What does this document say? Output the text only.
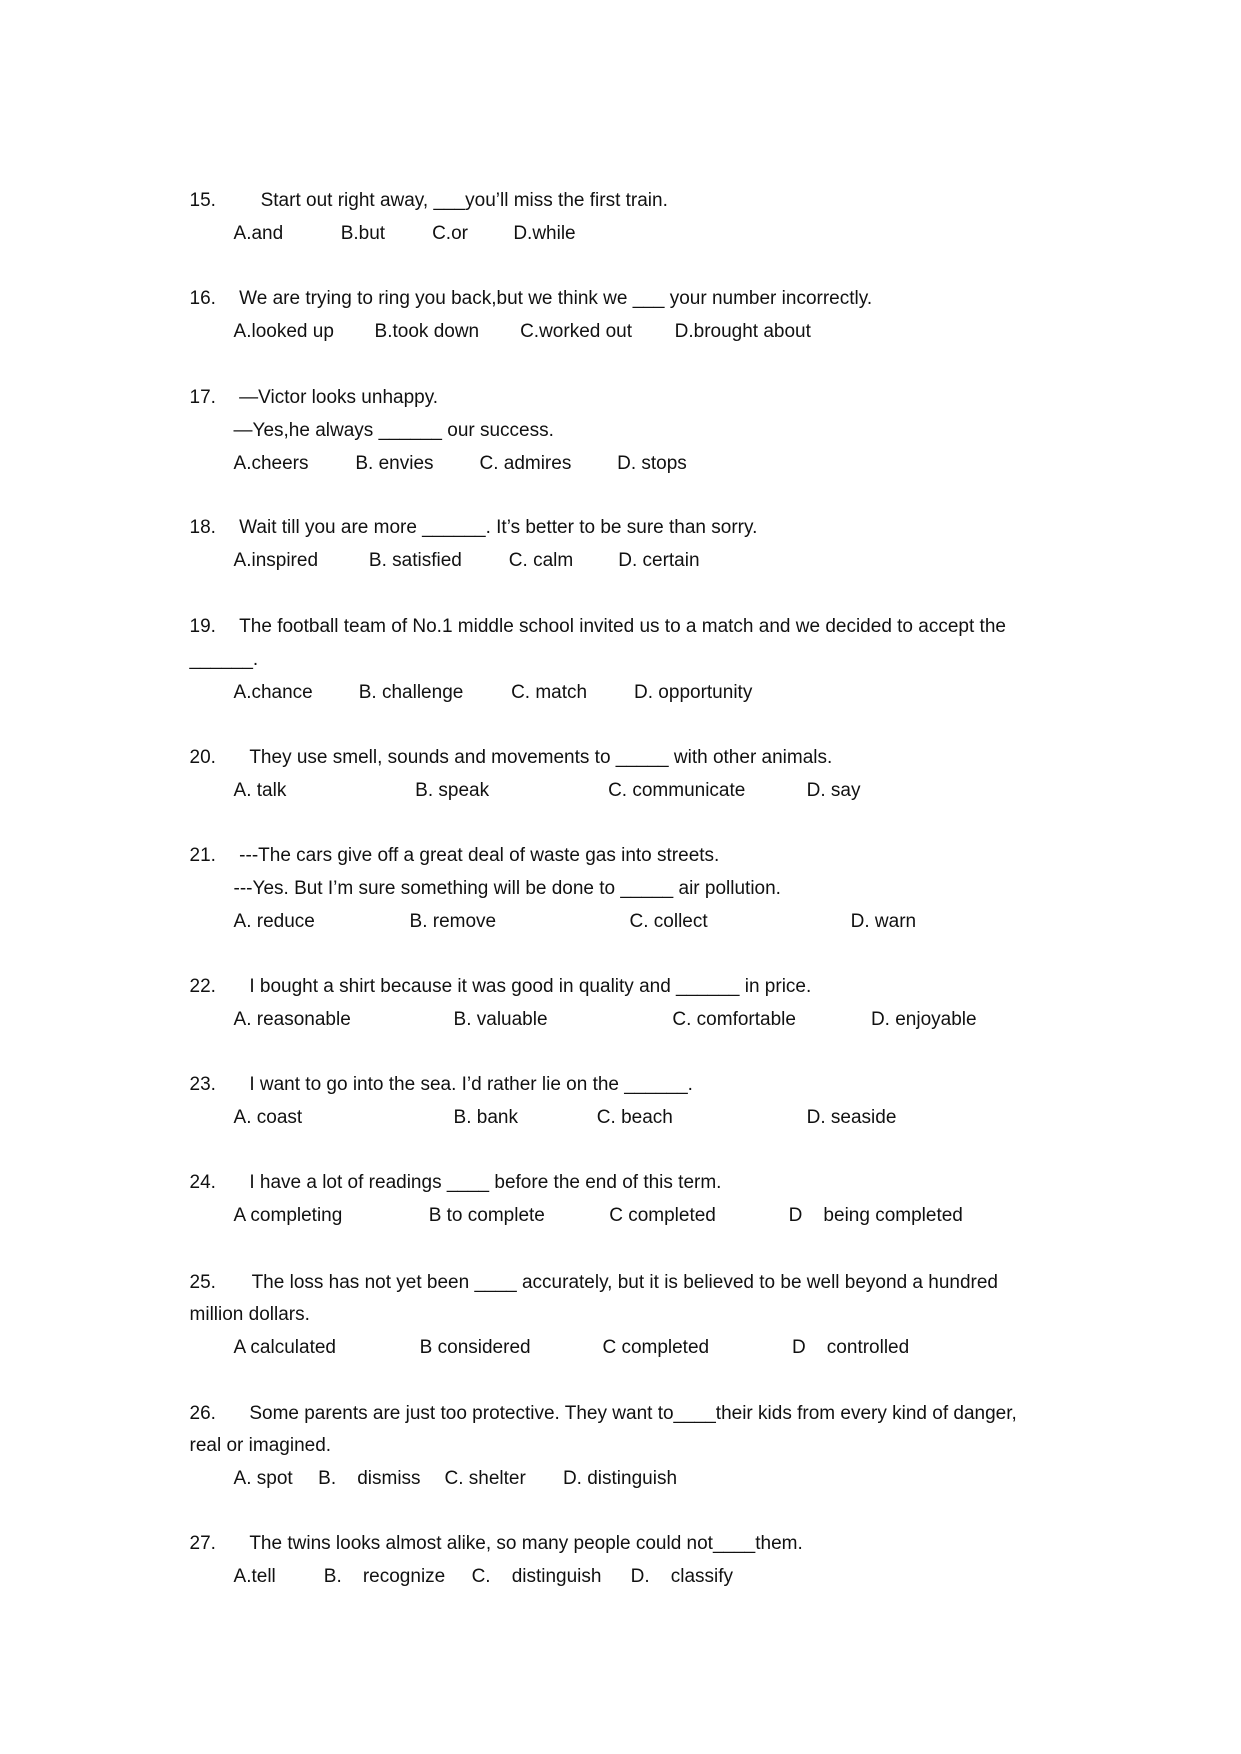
15. Start out right away, ___you’ll miss the first train.
A.and	B.but C.or D.while
16. We are trying to ring you back,but we think we ___ your number incorrectly.
A.looked up B.took down C.worked out D.brought about
17. —Victor looks unhappy.
—Yes,he always ______ our success.
A.cheers B. envies C. admires D. stops
18. Wait till you are more ______. It’s better to be sure than sorry.
A.inspired	B. satisfied C. calm D. certain
19. The football team of No.1 middle school invited us to a match and we decided to accept the
______.
A.chance B. challenge	C. match D. opportunity
20. They use smell, sounds and movements to _____ with other animals.
A. talk	B. speak	C. communicate	D. say
21. ---The cars give off a great deal of waste gas into streets.
---Yes. But I’m sure something will be done to _____ air pollution.
A. reduce	B. remove	C. collect	D. warn
22. I bought a shirt because it was good in quality and ______ in price.
A. reasonable	B. valuable	C. comfortable	D. enjoyable
23. I want to go into the sea. I’d rather lie on the ______.
A. coast	B. bank	C. beach	D. seaside
24. I have a lot of readings ____ before the end of this term.
A completing	B to complete	C completed	D    being completed
25. The loss has not yet been ____ accurately, but it is believed to be well beyond a hundred
million dollars.
A calculated	B considered	C completed	D    controlled
26. Some parents are just too protective. They want to____their kids from every kind of danger,
real or imagined.
A. spot B.    dismiss C. shelter D. distinguish
27. The twins looks almost alike, so many people could not____them.
A.tell	B.    recognize C.    distinguish D.    classify
